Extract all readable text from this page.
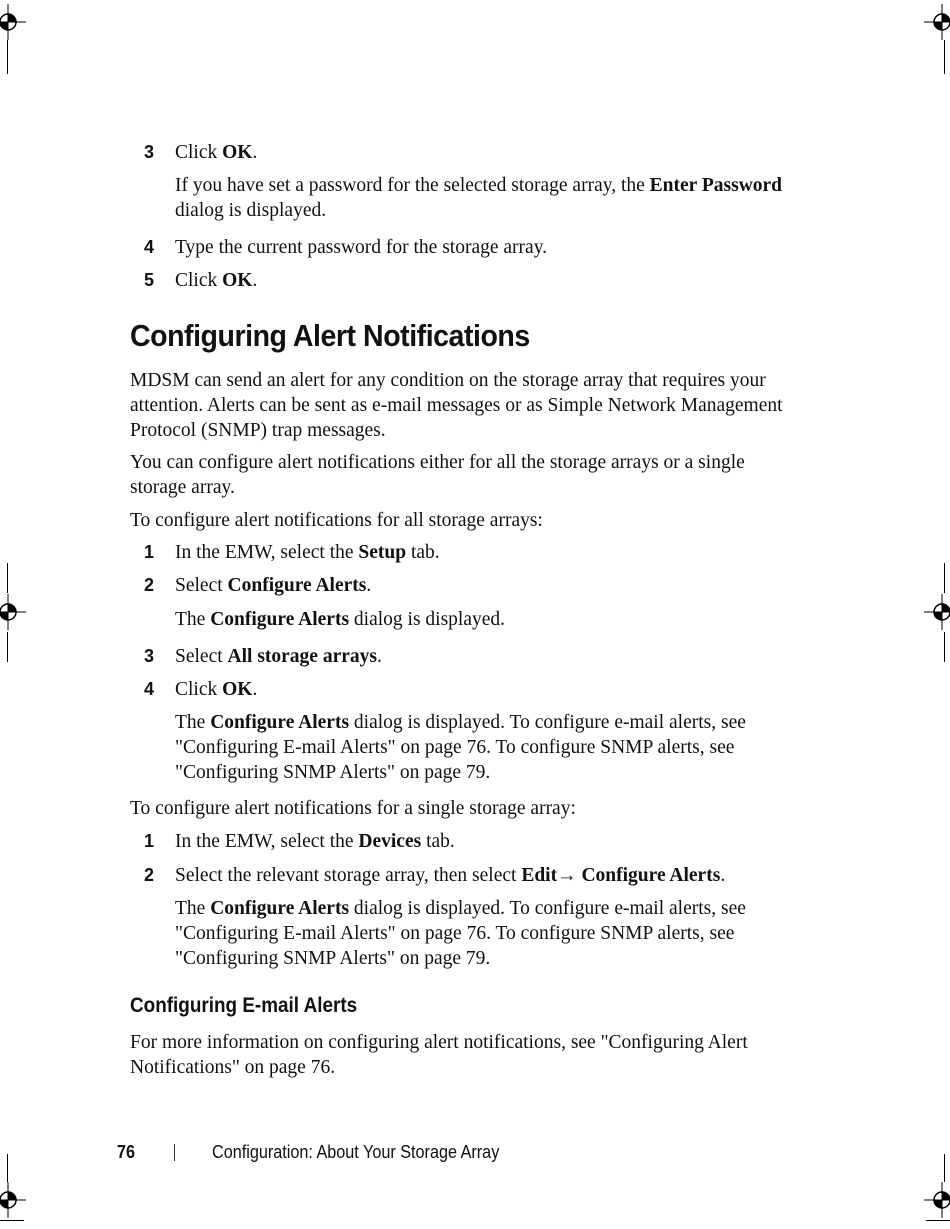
3	Click OK.

If you have set a password for the selected storage array, the Enter Password dialog is displayed.

4	Type the current password for the storage array.
5	Click OK.
Configuring Alert Notifications

MDSM can send an alert for any condition on the storage array that requires your attention. Alerts can be sent as e-mail messages or as Simple Network Management Protocol (SNMP) trap messages.

You can configure alert notifications either for all the storage arrays or a single storage array.

To configure alert notifications for all storage arrays:

1	In the EMW, select the Setup tab.
2	Select Configure Alerts.

The Configure Alerts dialog is displayed.

3	Select All storage arrays.
4	Click OK.

The Configure Alerts dialog is displayed. To configure e-mail alerts, see "Configuring E-mail Alerts" on page 76. To configure SNMP alerts, see "Configuring SNMP Alerts" on page 79.

To configure alert notifications for a single storage array:

1	In the EMW, select the Devices tab.
2	Select the relevant storage array, then select Edit→ Configure Alerts.

The Configure Alerts dialog is displayed. To configure e-mail alerts, see "Configuring E-mail Alerts" on page 76. To configure SNMP alerts, see "Configuring SNMP Alerts" on page 79.

Configuring E-mail Alerts

For more information on configuring alert notifications, see "Configuring Alert Notifications" on page 76.

76	Configuration: About Your Storage Array
